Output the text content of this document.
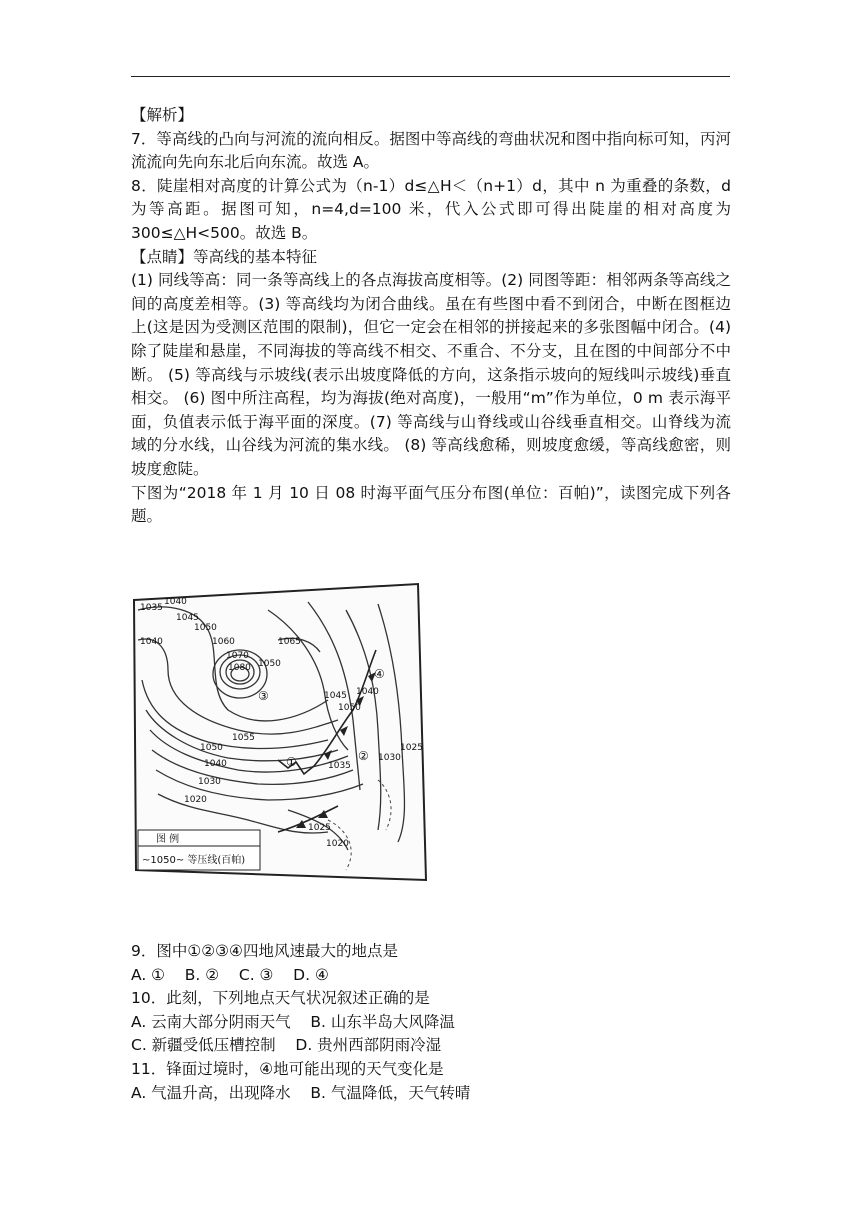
【解析】

7．等高线的凸向与河流的流向相反。据图中等高线的弯曲状况和图中指向标可知，丙河流流向先向东北后向东流。故选 A。

8．陡崖相对高度的计算公式为（n-1）d≤△H＜（n+1）d，其中 n 为重叠的条数，d 为等高距。据图可知，n=4,d=100 米，代入公式即可得出陡崖的相对高度为 300≤△H<500。故选 B。

【点睛】等高线的基本特征

(1) 同线等高：同一条等高线上的各点海拔高度相等。(2) 同图等距：相邻两条等高线之间的高度差相等。(3) 等高线均为闭合曲线。虽在有些图中看不到闭合，中断在图框边上(这是因为受测区范围的限制)，但它一定会在相邻的拼接起来的多张图幅中闭合。(4) 除了陡崖和悬崖，不同海拔的等高线不相交、不重合、不分支，且在图的中间部分不中断。 (5) 等高线与示坡线(表示出坡度降低的方向，这条指示坡向的短线叫示坡线)垂直相交。 (6) 图中所注高程，均为海拔(绝对高度)，一般用“m”作为单位，0 m 表示海平面，负值表示低于海平面的深度。(7) 等高线与山脊线或山谷线垂直相交。山脊线为流域的分水线，山谷线为河流的集水线。 (8) 等高线愈稀，则坡度愈缓，等高线愈密，则坡度愈陡。

下图为“2018 年 1 月 10 日 08 时海平面气压分布图(单位：百帕)”，读图完成下列各题。

1035
1040
1045
1050
1060	1065
1070
1080
1040
1050
1055
1050
1040
1030
1020
1045 1040
1050
1035
1030
1025
1025
1020
①	②
③
④
图 例
~1050~ 等压线(百帕)

9．图中①②③④四地风速最大的地点是

A. ①    B. ②    C. ③    D. ④

10．此刻，下列地点天气状况叙述正确的是

A. 云南大部分阴雨天气    B. 山东半岛大风降温

C. 新疆受低压槽控制    D. 贵州西部阴雨冷湿

11．锋面过境时，④地可能出现的天气变化是

A. 气温升高，出现降水    B. 气温降低，天气转晴
